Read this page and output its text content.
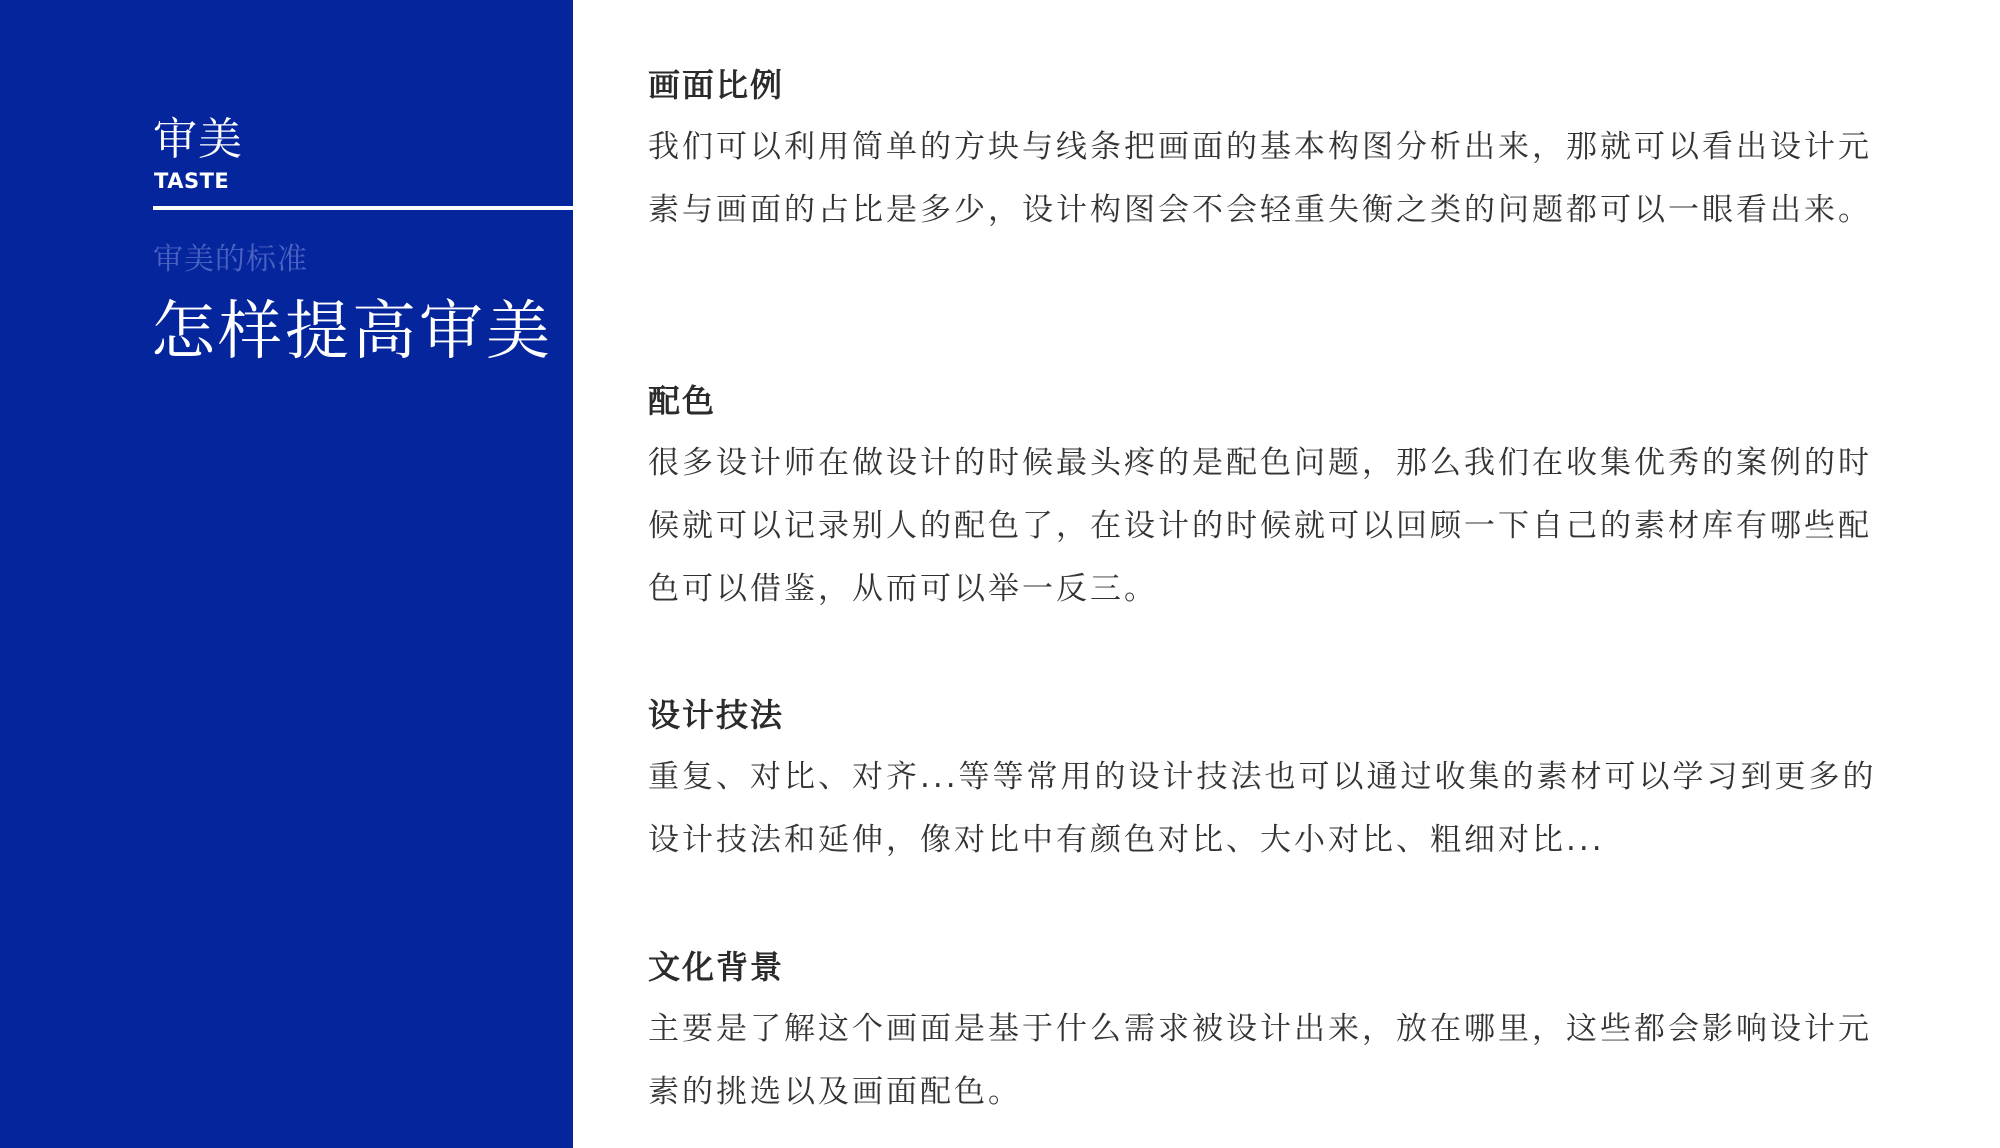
审美
TASTE
审美的标准
怎样提高审美
画面比例
我们可以利用简单的方块与线条把画面的基本构图分析出来，那就可以看出设计元素与画面的占比是多少，设计构图会不会轻重失衡之类的问题都可以一眼看出来。
配色
很多设计师在做设计的时候最头疼的是配色问题，那么我们在收集优秀的案例的时候就可以记录别人的配色了，在设计的时候就可以回顾一下自己的素材库有哪些配色可以借鉴，从而可以举一反三。
设计技法
重复、对比、对齐...等等常用的设计技法也可以通过收集的素材可以学习到更多的设计技法和延伸，像对比中有颜色对比、大小对比、粗细对比...
文化背景
主要是了解这个画面是基于什么需求被设计出来，放在哪里，这些都会影响设计元素的挑选以及画面配色。
